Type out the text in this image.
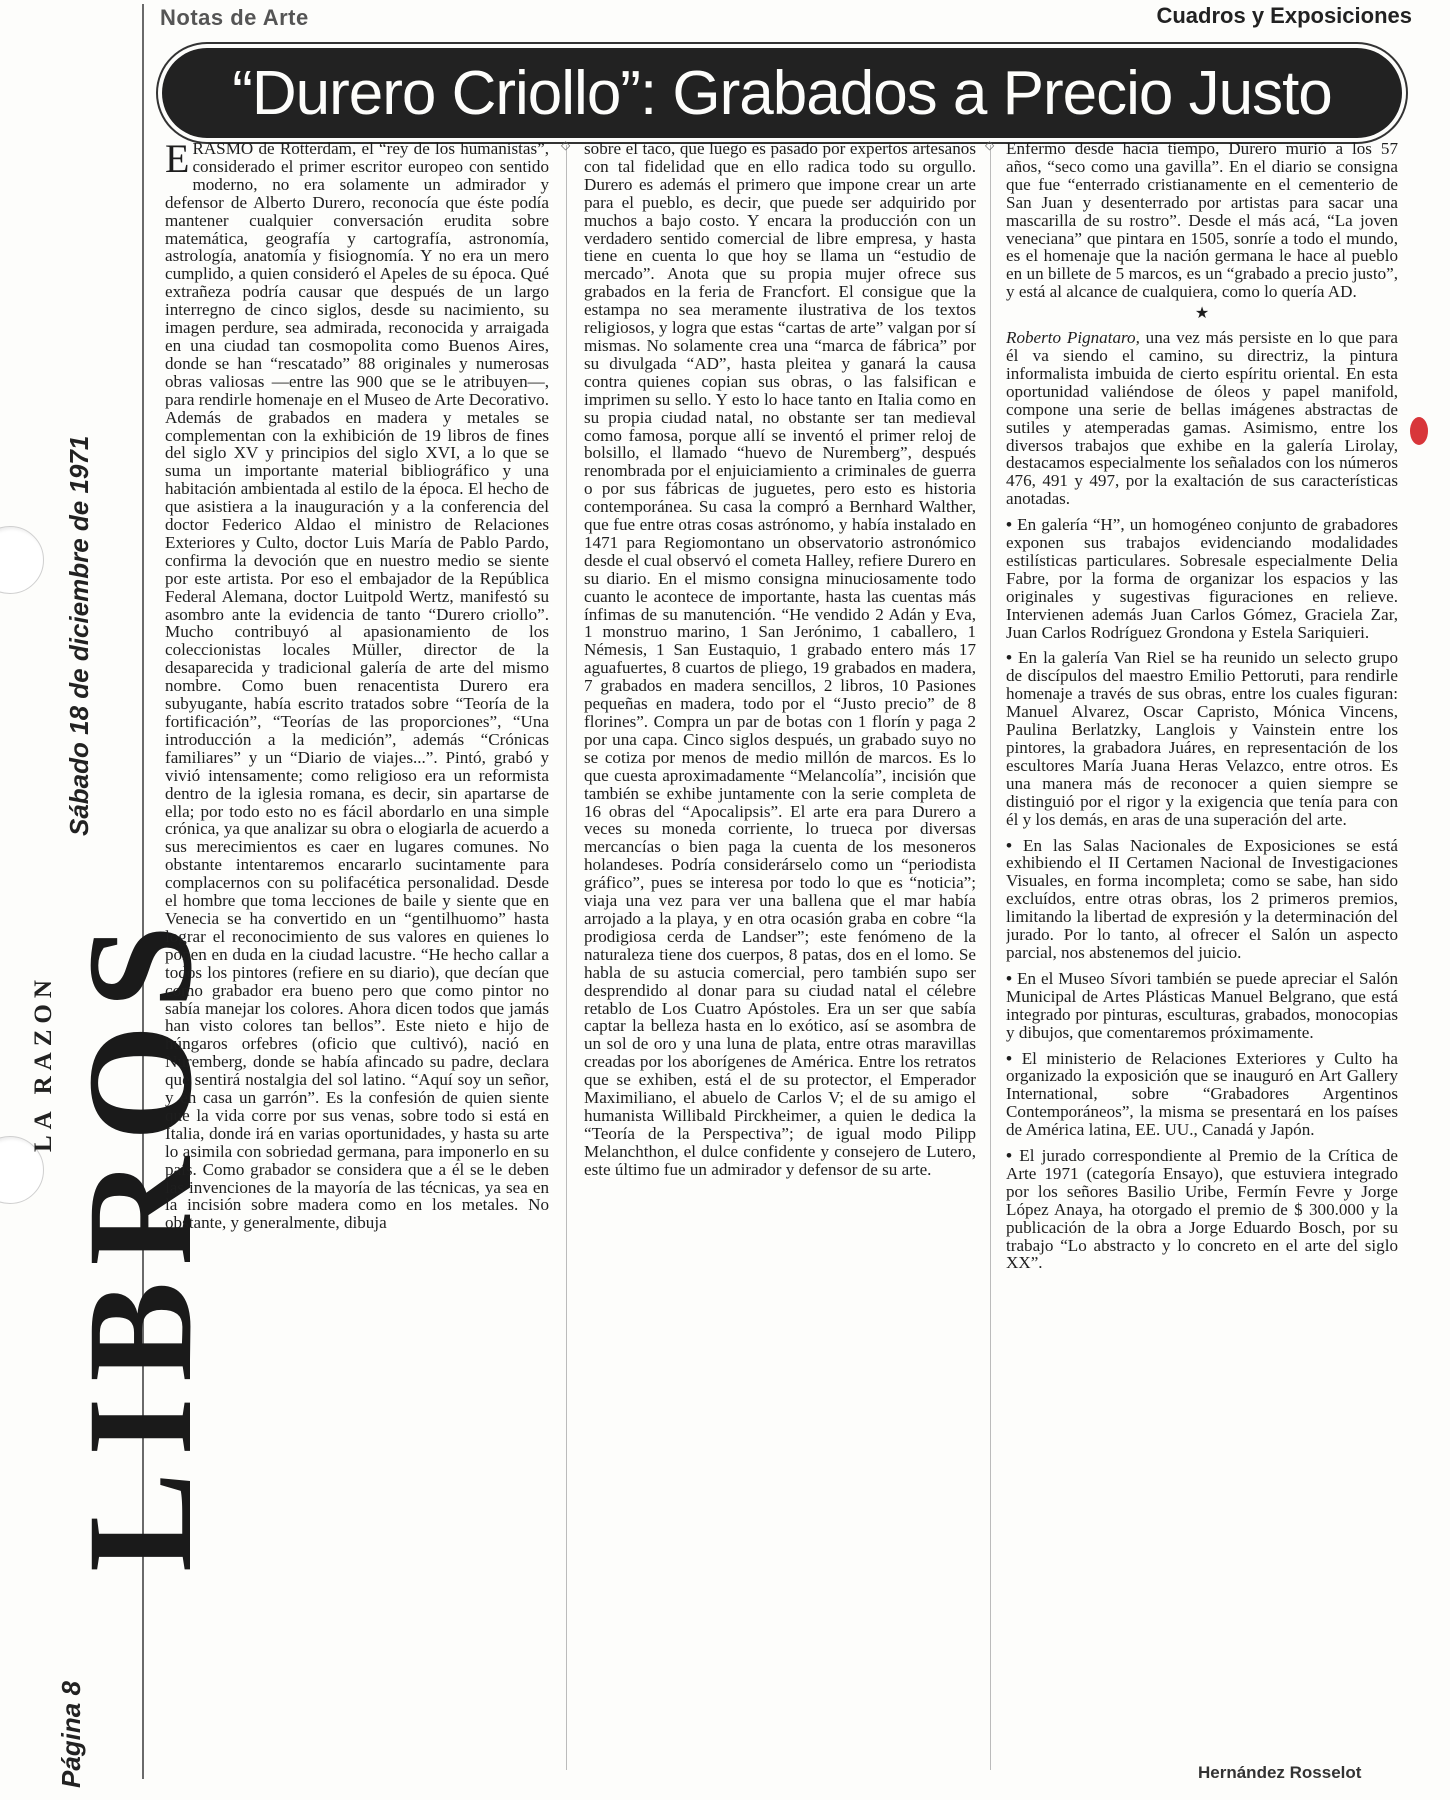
Página 8
LA RAZON
Sábado 18 de diciembre de 1971
LIBROS
Notas de Arte	Cuadros y Exposiciones
“Durero Criollo”: Grabados a Precio Justo
◇	◇

ERASMO de Rotterdam, el “rey de los humanistas”, considerado el primer escritor europeo con sentido moderno, no era solamente un admirador y defensor de Alberto Durero, reconocía que éste podía mantener cualquier conversación erudita sobre matemática, geografía y cartografía, astronomía, astrología, anatomía y fisiognomía. Y no era un mero cumplido, a quien consideró el Apeles de su época. Qué extrañeza podría causar que después de un largo interregno de cinco siglos, desde su nacimiento, su imagen perdure, sea admirada, reconocida y arraigada en una ciudad tan cosmopolita como Buenos Aires, donde se han “rescatado” 88 originales y numerosas obras valiosas —entre las 900 que se le atribuyen—, para rendirle homenaje en el Museo de Arte Decorativo. Además de grabados en madera y metales se complementan con la exhibición de 19 libros de fines del siglo XV y principios del siglo XVI, a lo que se suma un importante material bibliográfico y una habitación ambientada al estilo de la época. El hecho de que asistiera a la inauguración y a la conferencia del doctor Federico Aldao el ministro de Relaciones Exteriores y Culto, doctor Luis María de Pablo Pardo, confirma la devoción que en nuestro medio se siente por este artista. Por eso el embajador de la República Federal Alemana, doctor Luitpold Wertz, manifestó su asombro ante la evidencia de tanto “Durero criollo”. Mucho contribuyó al apasionamiento de los coleccionistas locales Müller, director de la desaparecida y tradicional galería de arte del mismo nombre. Como buen renacentista Durero era subyugante, había escrito tratados sobre “Teoría de la fortificación”, “Teorías de las proporciones”, “Una introducción a la medición”, además “Crónicas familiares” y un “Diario de viajes...”. Pintó, grabó y vivió intensamente; como religioso era un reformista dentro de la iglesia romana, es decir, sin apartarse de ella; por todo esto no es fácil abordarlo en una simple crónica, ya que analizar su obra o elogiarla de acuerdo a sus merecimientos es caer en lugares comunes. No obstante intentaremos encararlo sucintamente para complacernos con su polifacética personalidad. Desde el hombre que toma lecciones de baile y siente que en Venecia se ha convertido en un “gentilhuomo” hasta lograr el reconocimiento de sus valores en quienes lo ponen en duda en la ciudad lacustre. “He hecho callar a todos los pintores (refiere en su diario), que decían que como grabador era bueno pero que como pintor no sabía manejar los colores. Ahora dicen todos que jamás han visto colores tan bellos”. Este nieto e hijo de húngaros orfebres (oficio que cultivó), nació en Nuremberg, donde se había afincado su padre, declara que sentirá nostalgia del sol latino. “Aquí soy un señor, y en casa un garrón”. Es la confesión de quien siente que la vida corre por sus venas, sobre todo si está en Italia, donde irá en varias oportunidades, y hasta su arte lo asimila con sobriedad germana, para imponerlo en su país. Como grabador se considera que a él se le deben las invenciones de la mayoría de las técnicas, ya sea en la incisión sobre madera como en los metales. No obstante, y generalmente, dibuja

sobre el taco, que luego es pasado por expertos artesanos con tal fidelidad que en ello radica todo su orgullo. Durero es además el primero que impone crear un arte para el pueblo, es decir, que puede ser adquirido por muchos a bajo costo. Y encara la producción con un verdadero sentido comercial de libre empresa, y hasta tiene en cuenta lo que hoy se llama un “estudio de mercado”. Anota que su propia mujer ofrece sus grabados en la feria de Francfort. El consigue que la estampa no sea meramente ilustrativa de los textos religiosos, y logra que estas “cartas de arte” valgan por sí mismas. No solamente crea una “marca de fábrica” por su divulgada “AD”, hasta pleitea y ganará la causa contra quienes copian sus obras, o las falsifican e imprimen su sello. Y esto lo hace tanto en Italia como en su propia ciudad natal, no obstante ser tan medieval como famosa, porque allí se inventó el primer reloj de bolsillo, el llamado “huevo de Nuremberg”, después renombrada por el enjuiciamiento a criminales de guerra o por sus fábricas de juguetes, pero esto es historia contemporánea. Su casa la compró a Bernhard Walther, que fue entre otras cosas astrónomo, y había instalado en 1471 para Regiomontano un observatorio astronómico desde el cual observó el cometa Halley, refiere Durero en su diario. En el mismo consigna minuciosamente todo cuanto le acontece de importante, hasta las cuentas más ínfimas de su manutención. “He vendido 2 Adán y Eva, 1 monstruo marino, 1 San Jerónimo, 1 caballero, 1 Némesis, 1 San Eustaquio, 1 grabado entero más 17 aguafuertes, 8 cuartos de pliego, 19 grabados en madera, 7 grabados en madera sencillos, 2 libros, 10 Pasiones pequeñas en madera, todo por el “Justo precio” de 8 florines”. Compra un par de botas con 1 florín y paga 2 por una capa. Cinco siglos después, un grabado suyo no se cotiza por menos de medio millón de marcos. Es lo que cuesta aproximadamente “Melancolía”, incisión que también se exhibe juntamente con la serie completa de 16 obras del “Apocalipsis”. El arte era para Durero a veces su moneda corriente, lo trueca por diversas mercancías o bien paga la cuenta de los mesoneros holandeses. Podría considerárselo como un “periodista gráfico”, pues se interesa por todo lo que es “noticia”; viaja una vez para ver una ballena que el mar había arrojado a la playa, y en otra ocasión graba en cobre “la prodigiosa cerda de Landser”; este fenómeno de la naturaleza tiene dos cuerpos, 8 patas, dos en el lomo. Se habla de su astucia comercial, pero también supo ser desprendido al donar para su ciudad natal el célebre retablo de Los Cuatro Apóstoles. Era un ser que sabía captar la belleza hasta en lo exótico, así se asombra de un sol de oro y una luna de plata, entre otras maravillas creadas por los aborígenes de América. Entre los retratos que se exhiben, está el de su protector, el Emperador Maximiliano, el abuelo de Carlos V; el de su amigo el humanista Willibald Pirckheimer, a quien le dedica la “Teoría de la Perspectiva”; de igual modo Pilipp Melanchthon, el dulce confidente y consejero de Lutero, este último fue un admirador y defensor de su arte.

Enfermo desde hacía tiempo, Durero murió a los 57 años, “seco como una gavilla”. En el diario se consigna que fue “enterrado cristianamente en el cementerio de San Juan y desenterrado por artistas para sacar una mascarilla de su rostro”. Desde el más acá, “La joven veneciana” que pintara en 1505, sonríe a todo el mundo, es el homenaje que la nación germana le hace al pueblo en un billete de 5 marcos, es un “grabado a precio justo”, y está al alcance de cualquiera, como lo quería AD.

★

Roberto Pignataro, una vez más persiste en lo que para él va siendo el camino, su directriz, la pintura informalista imbuida de cierto espíritu oriental. En esta oportunidad valiéndose de óleos y papel manifold, compone una serie de bellas imágenes abstractas de sutiles y atemperadas gamas. Asimismo, entre los diversos trabajos que exhibe en la galería Lirolay, destacamos especialmente los señalados con los números 476, 491 y 497, por la exaltación de sus características anotadas.

• En galería “H”, un homogéneo conjunto de grabadores exponen sus trabajos evidenciando modalidades estilísticas particulares. Sobresale especialmente Delia Fabre, por la forma de organizar los espacios y las originales y sugestivas figuraciones en relieve. Intervienen además Juan Carlos Gómez, Graciela Zar, Juan Carlos Rodríguez Grondona y Estela Sariquieri.

• En la galería Van Riel se ha reunido un selecto grupo de discípulos del maestro Emilio Pettoruti, para rendirle homenaje a través de sus obras, entre los cuales figuran: Manuel Alvarez, Oscar Capristo, Mónica Vincens, Paulina Berlatzky, Langlois y Vainstein entre los pintores, la grabadora Juáres, en representación de los escultores María Juana Heras Velazco, entre otros. Es una manera más de reconocer a quien siempre se distinguió por el rigor y la exigencia que tenía para con él y los demás, en aras de una superación del arte.

• En las Salas Nacionales de Exposiciones se está exhibiendo el II Certamen Nacional de Investigaciones Visuales, en forma incompleta; como se sabe, han sido excluídos, entre otras obras, los 2 primeros premios, limitando la libertad de expresión y la determinación del jurado. Por lo tanto, al ofrecer el Salón un aspecto parcial, nos abstenemos del juicio.

• En el Museo Sívori también se puede apreciar el Salón Municipal de Artes Plásticas Manuel Belgrano, que está integrado por pinturas, esculturas, grabados, monocopias y dibujos, que comentaremos próximamente.

• El ministerio de Relaciones Exteriores y Culto ha organizado la exposición que se inauguró en Art Gallery International, sobre “Grabadores Argentinos Contemporáneos”, la misma se presentará en los países de América latina, EE. UU., Canadá y Japón.

• El jurado correspondiente al Premio de la Crítica de Arte 1971 (categoría Ensayo), que estuviera integrado por los señores Basilio Uribe, Fermín Fevre y Jorge López Anaya, ha otorgado el premio de $ 300.000 y la publicación de la obra a Jorge Eduardo Bosch, por su trabajo “Lo abstracto y lo concreto en el arte del siglo XX”.

Hernández Rosselot
